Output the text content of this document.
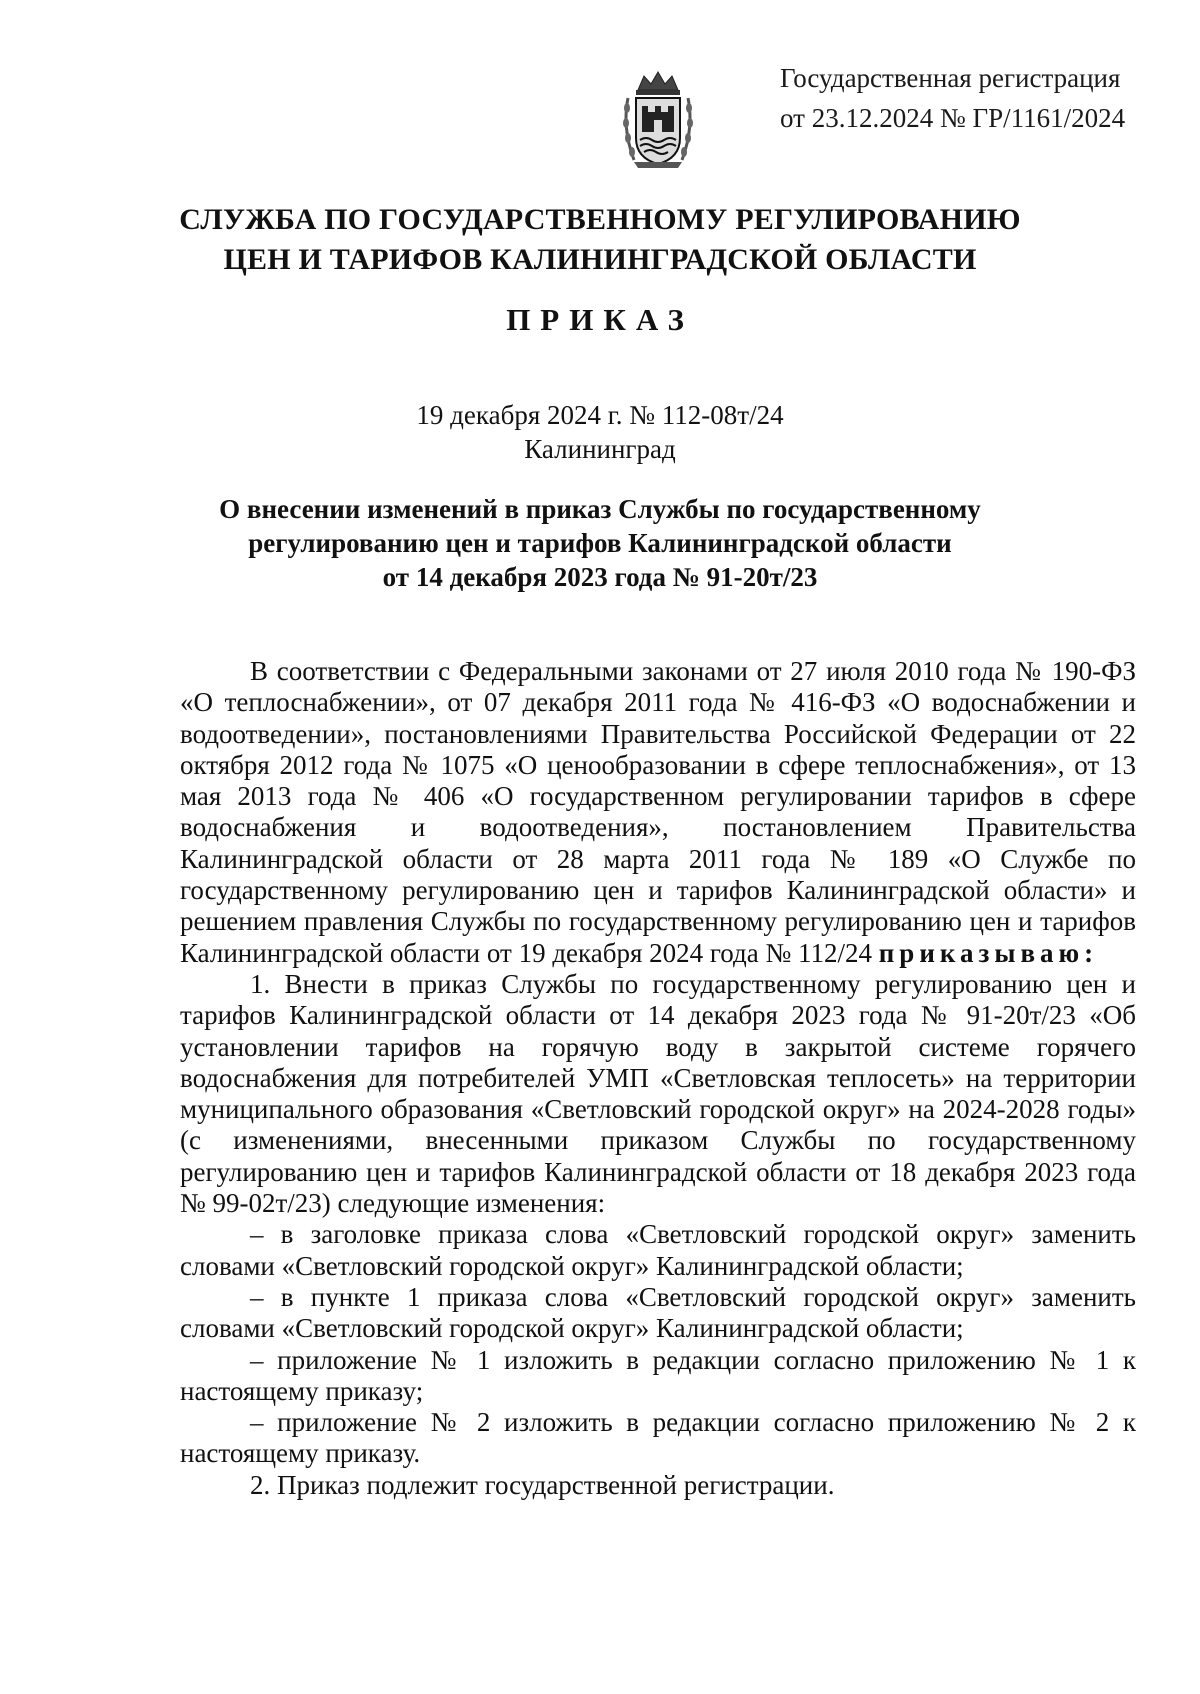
Государственная регистрация
от 23.12.2024 № ГР/1161/2024
СЛУЖБА ПО ГОСУДАРСТВЕННОМУ РЕГУЛИРОВАНИЮ
ЦЕН И ТАРИФОВ КАЛИНИНГРАДСКОЙ ОБЛАСТИ
ПРИКАЗ
19 декабря 2024 г. № 112-08т/24
Калининград
О внесении изменений в приказ Службы по государственному
регулированию цен и тарифов Калининградской области
от 14 декабря 2023 года № 91-20т/23

В соответствии с Федеральными законами от 27 июля 2010 года № 190-ФЗ «О теплоснабжении», от 07 декабря 2011 года № 416-ФЗ «О водоснабжении и водоотведении», постановлениями Правительства Российской Федерации от 22 октября 2012 года № 1075 «О ценообразовании в сфере теплоснабжения», от 13 мая 2013 года № 406 «О государственном регулировании тарифов в сфере водоснабжения и водоотведения», постановлением Правительства Калининградской области от 28 марта 2011 года № 189 «О Службе по государственному регулированию цен и тарифов Калининградской области» и решением правления Службы по государственному регулированию цен и тарифов Калининградской области от 19 декабря 2024 года № 112/24 приказываю:

1. Внести в приказ Службы по государственному регулированию цен и тарифов Калининградской области от 14 декабря 2023 года № 91-20т/23 «Об установлении тарифов на горячую воду в закрытой системе горячего водоснабжения для потребителей УМП «Светловская теплосеть» на территории муниципального образования «Светловский городской округ» на 2024-2028 годы» (с изменениями, внесенными приказом Службы по государственному регулированию цен и тарифов Калининградской области от 18 декабря 2023 года № 99-02т/23) следующие изменения:

– в заголовке приказа слова «Светловский городской округ» заменить словами «Светловский городской округ» Калининградской области;

– в пункте 1 приказа слова «Светловский городской округ» заменить словами «Светловский городской округ» Калининградской области;

– приложение № 1 изложить в редакции согласно приложению № 1 к настоящему приказу;

– приложение № 2 изложить в редакции согласно приложению № 2 к настоящему приказу.

2. Приказ подлежит государственной регистрации.
